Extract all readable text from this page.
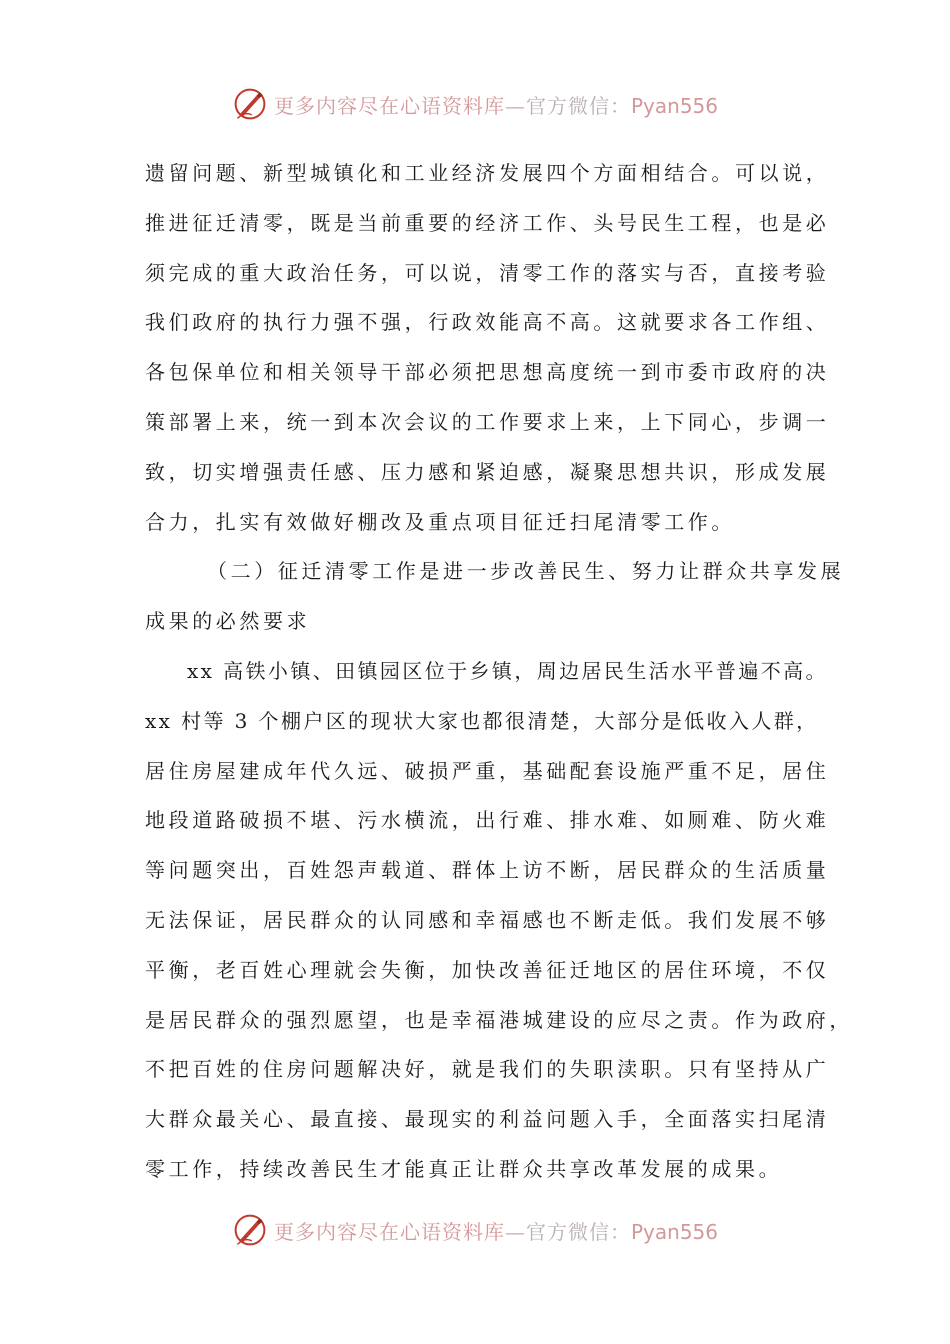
更多内容尽在心语资料库—官方微信：Pyan556
遗留问题、新型城镇化和工业经济发展四个方面相结合。可以说，
推进征迁清零，既是当前重要的经济工作、头号民生工程，也是必
须完成的重大政治任务，可以说，清零工作的落实与否，直接考验
我们政府的执行力强不强，行政效能高不高。这就要求各工作组、
各包保单位和相关领导干部必须把思想高度统一到市委市政府的决
策部署上来，统一到本次会议的工作要求上来，上下同心，步调一
致，切实增强责任感、压力感和紧迫感，凝聚思想共识，形成发展
合力，扎实有效做好棚改及重点项目征迁扫尾清零工作。
（二）征迁清零工作是进一步改善民生、努力让群众共享发展
成果的必然要求
xx 高铁小镇、田镇园区位于乡镇，周边居民生活水平普遍不高。
xx 村等 3 个棚户区的现状大家也都很清楚，大部分是低收入人群，
居住房屋建成年代久远、破损严重，基础配套设施严重不足，居住
地段道路破损不堪、污水横流，出行难、排水难、如厕难、防火难
等问题突出，百姓怨声载道、群体上访不断，居民群众的生活质量
无法保证，居民群众的认同感和幸福感也不断走低。我们发展不够
平衡，老百姓心理就会失衡，加快改善征迁地区的居住环境，不仅
是居民群众的强烈愿望，也是幸福港城建设的应尽之责。作为政府，
不把百姓的住房问题解决好，就是我们的失职渎职。只有坚持从广
大群众最关心、最直接、最现实的利益问题入手，全面落实扫尾清
零工作，持续改善民生才能真正让群众共享改革发展的成果。
更多内容尽在心语资料库—官方微信：Pyan556
